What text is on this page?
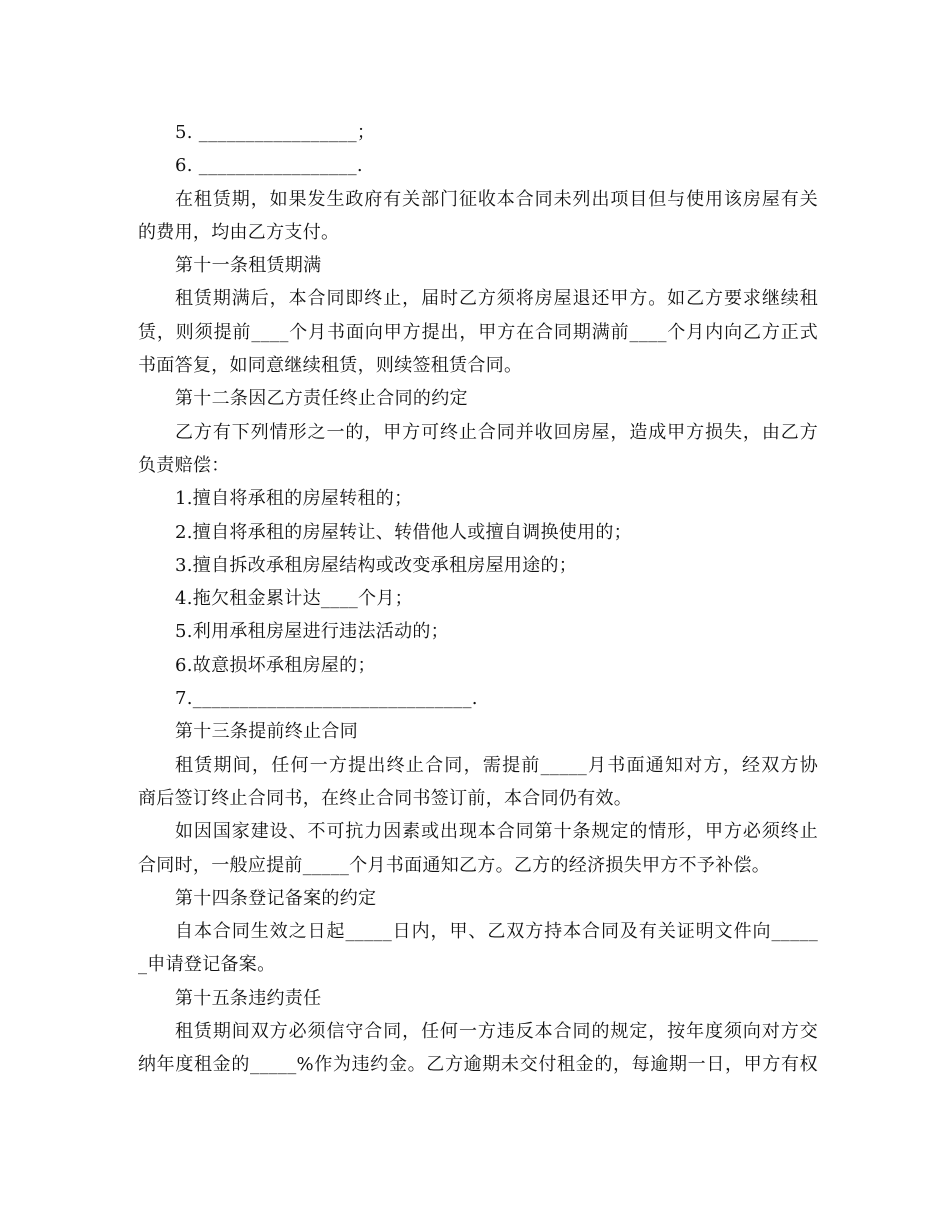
5. _________________；
6. _________________.
在租赁期，如果发生政府有关部门征收本合同未列出项目但与使用该房屋有关
的费用，均由乙方支付。
第十一条租赁期满
租赁期满后，本合同即终止，届时乙方须将房屋退还甲方。如乙方要求继续租
赁，则须提前____个月书面向甲方提出，甲方在合同期满前____个月内向乙方正式
书面答复，如同意继续租赁，则续签租赁合同。
第十二条因乙方责任终止合同的约定
乙方有下列情形之一的，甲方可终止合同并收回房屋，造成甲方损失，由乙方
负责赔偿：
1.擅自将承租的房屋转租的；
2.擅自将承租的房屋转让、转借他人或擅自调换使用的；
3.擅自拆改承租房屋结构或改变承租房屋用途的；
4.拖欠租金累计达____个月；
5.利用承租房屋进行违法活动的；
6.故意损坏承租房屋的；
7.______________________________.
第十三条提前终止合同
租赁期间，任何一方提出终止合同，需提前_____月书面通知对方，经双方协
商后签订终止合同书，在终止合同书签订前，本合同仍有效。
如因国家建设、不可抗力因素或出现本合同第十条规定的情形，甲方必须终止
合同时，一般应提前_____个月书面通知乙方。乙方的经济损失甲方不予补偿。
第十四条登记备案的约定
自本合同生效之日起_____日内，甲、乙双方持本合同及有关证明文件向_____
_申请登记备案。
第十五条违约责任
租赁期间双方必须信守合同，任何一方违反本合同的规定，按年度须向对方交
纳年度租金的_____%作为违约金。乙方逾期未交付租金的，每逾期一日，甲方有权
